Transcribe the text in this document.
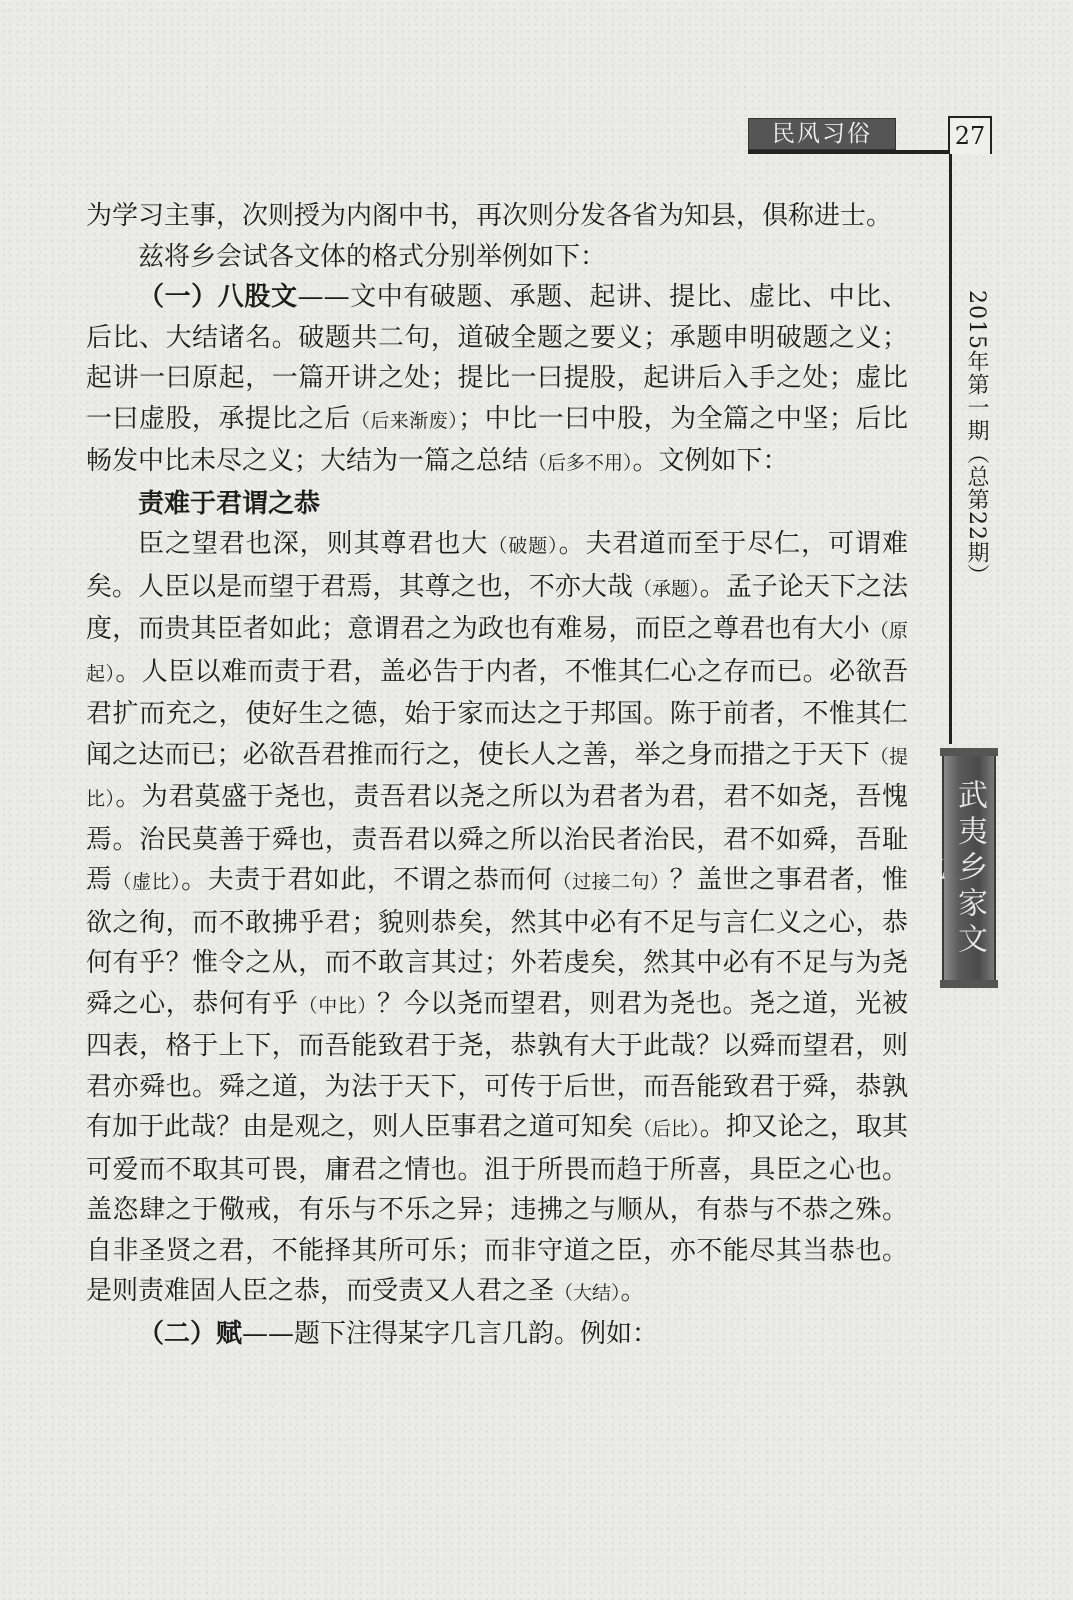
民风习俗	27
2015年第一期（总第22期）
武夷乡家文化

为学习主事，次则授为内阁中书，再次则分发各省为知县，俱称进士。

兹将乡会试各文体的格式分别举例如下：

（一）八股文——文中有破题、承题、起讲、提比、虚比、中比、后比、大结诸名。破题共二句，道破全题之要义；承题申明破题之义；起讲一曰原起，一篇开讲之处；提比一曰提股，起讲后入手之处；虚比一曰虚股，承提比之后（后来渐废）；中比一曰中股，为全篇之中坚；后比畅发中比未尽之义；大结为一篇之总结（后多不用）。文例如下：

责难于君谓之恭

臣之望君也深，则其尊君也大（破题）。夫君道而至于尽仁，可谓难矣。人臣以是而望于君焉，其尊之也，不亦大哉（承题）。孟子论天下之法度，而贵其臣者如此；意谓君之为政也有难易，而臣之尊君也有大小（原起）。人臣以难而责于君，盖必告于内者，不惟其仁心之存而已。必欲吾君扩而充之，使好生之德，始于家而达之于邦国。陈于前者，不惟其仁闻之达而已；必欲吾君推而行之，使长人之善，举之身而措之于天下（提比）。为君莫盛于尧也，责吾君以尧之所以为君者为君，君不如尧，吾愧焉。治民莫善于舜也，责吾君以舜之所以治民者治民，君不如舜，吾耻焉（虚比）。夫责于君如此，不谓之恭而何（过接二句）？盖世之事君者，惟欲之徇，而不敢拂乎君；貌则恭矣，然其中必有不足与言仁义之心，恭何有乎？惟令之从，而不敢言其过；外若虔矣，然其中必有不足与为尧舜之心，恭何有乎（中比）？今以尧而望君，则君为尧也。尧之道，光被四表，格于上下，而吾能致君于尧，恭孰有大于此哉？以舜而望君，则君亦舜也。舜之道，为法于天下，可传于后世，而吾能致君于舜，恭孰有加于此哉？由是观之，则人臣事君之道可知矣（后比）。抑又论之，取其可爱而不取其可畏，庸君之情也。沮于所畏而趋于所喜，具臣之心也。盖恣肆之于儆戒，有乐与不乐之异；违拂之与顺从，有恭与不恭之殊。自非圣贤之君，不能择其所可乐；而非守道之臣，亦不能尽其当恭也。是则责难固人臣之恭，而受责又人君之圣（大结）。

（二）赋——题下注得某字几言几韵。例如：
